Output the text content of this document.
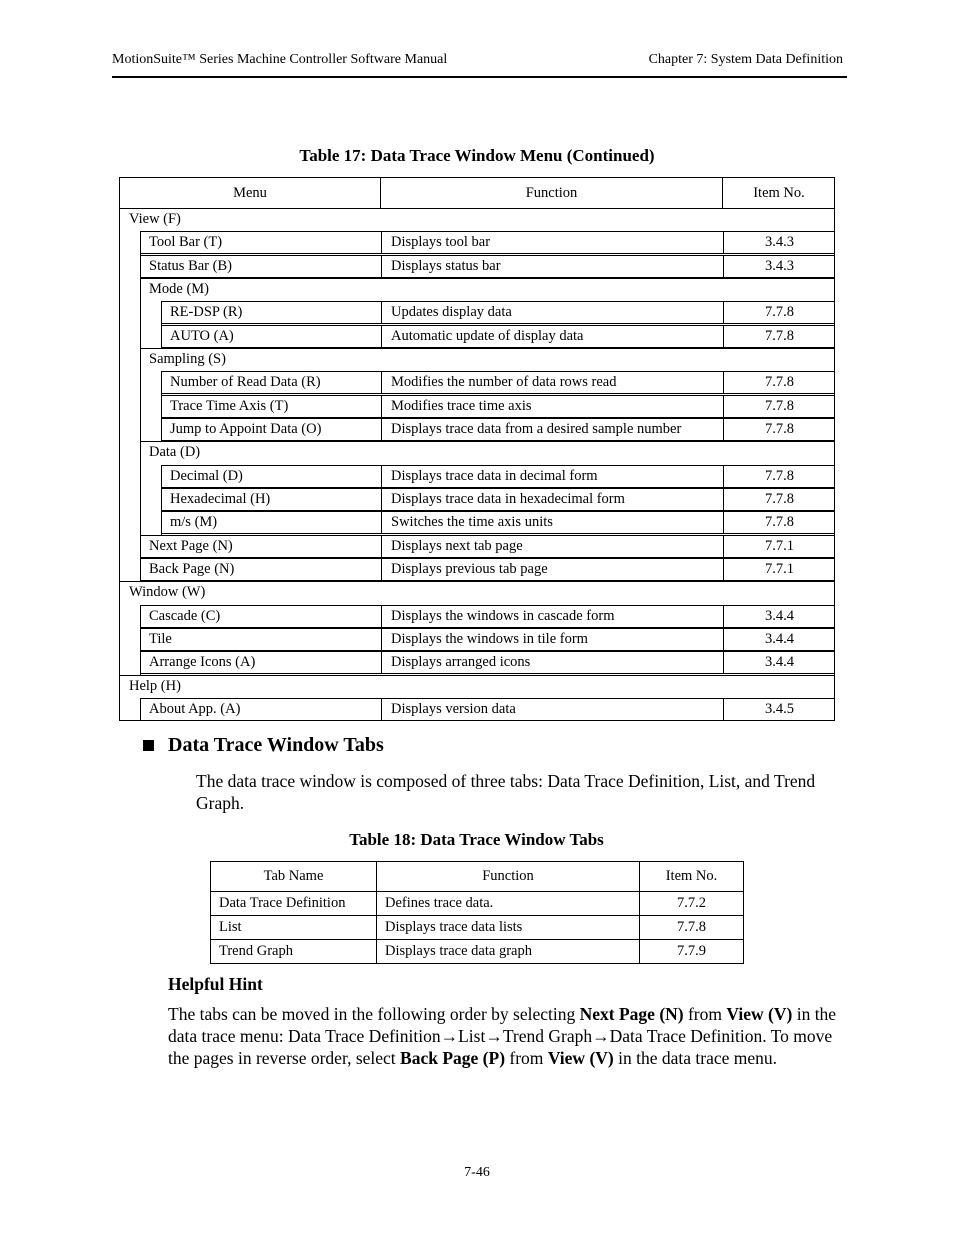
MotionSuite™ Series Machine Controller Software Manual	Chapter 7: System Data Definition
Table 17: Data Trace Window Menu (Continued)
Menu	Function	Item No.
View (F)
Tool Bar (T)	Displays tool bar	3.4.3
Status Bar (B)	Displays status bar	3.4.3
Mode (M)
RE-DSP (R)	Updates display data	7.7.8
AUTO (A)	Automatic update of display data	7.7.8
Sampling (S)
Number of Read Data (R)	Modifies the number of data rows read	7.7.8
Trace Time Axis (T)	Modifies trace time axis	7.7.8
Jump to Appoint Data (O)	Displays trace data from a desired sample number	7.7.8
Data (D)
Decimal (D)	Displays trace data in decimal form	7.7.8
Hexadecimal (H)	Displays trace data in hexadecimal form	7.7.8
m/s (M)	Switches the time axis units	7.7.8
Next Page (N)	Displays next tab page	7.7.1
Back Page (N)	Displays previous tab page	7.7.1
Window (W)
Cascade (C)	Displays the windows in cascade form	3.4.4
Tile	Displays the windows in tile form	3.4.4
Arrange Icons (A)	Displays arranged icons	3.4.4
Help (H)
About App. (A)	Displays version data	3.4.5
Data Trace Window Tabs
The data trace window is composed of three tabs: Data Trace Definition, List, and Trend Graph.
Table 18: Data Trace Window Tabs
Tab Name	Function	Item No.
Data Trace Definition	Defines trace data.	7.7.2
List	Displays trace data lists	7.7.8
Trend Graph	Displays trace data graph	7.7.9
Helpful Hint
The tabs can be moved in the following order by selecting Next Page (N) from View (V) in the data trace menu: Data Trace Definition→List→Trend Graph→Data Trace Definition. To move the pages in reverse order, select Back Page (P) from View (V) in the data trace menu.
7-46
